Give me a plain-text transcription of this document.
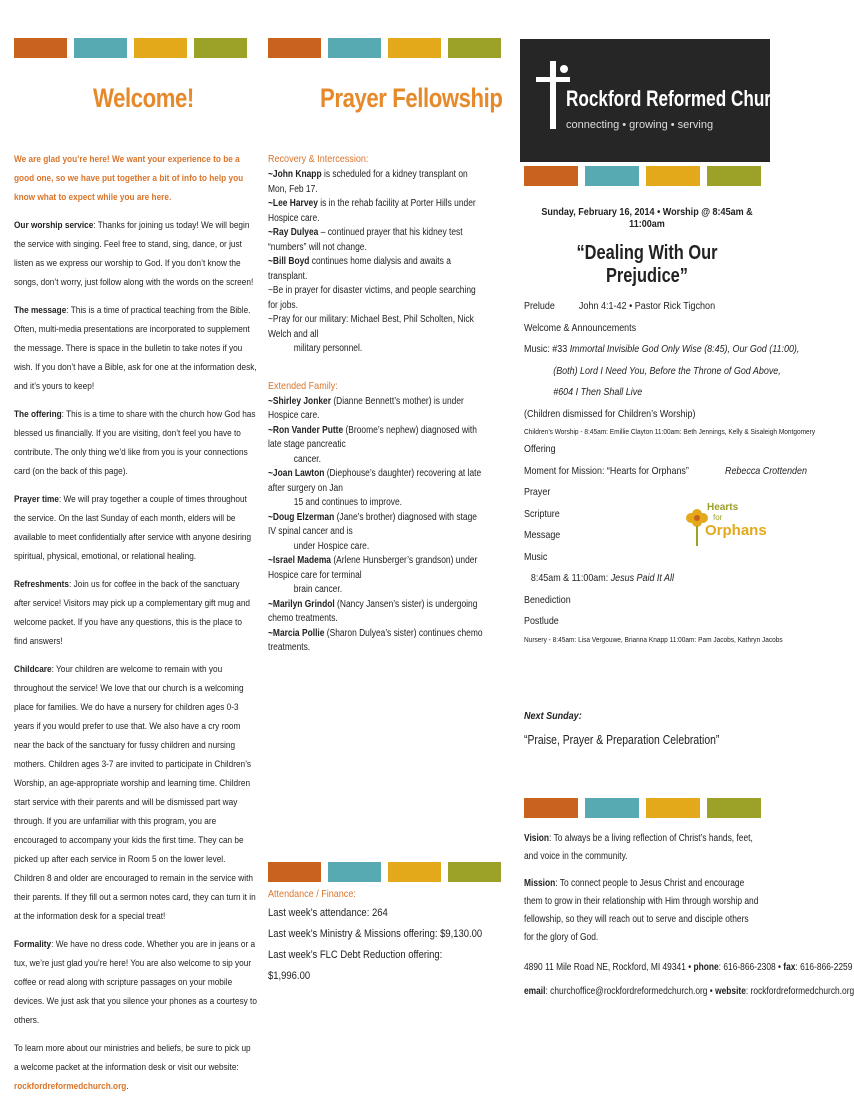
Welcome!

We are glad you’re here! We want your experience to be a good one, so we have put together a bit of info to help you know what to expect while you are here.

Our worship service: Thanks for joining us today! We will begin the service with singing. Feel free to stand, sing, dance, or just listen as we express our worship to God. If you don’t know the songs, don’t worry, just follow along with the words on the screen!

The message: This is a time of practical teaching from the Bible. Often, multi-media presentations are incorporated to supplement the message. There is space in the bulletin to take notes if you wish. If you don’t have a Bible, ask for one at the information desk, and it’s yours to keep!

The offering: This is a time to share with the church how God has blessed us financially. If you are visiting, don’t feel you have to contribute. The only thing we’d like from you is your connections card (on the back of this page).

Prayer time: We will pray together a couple of times throughout the service. On the last Sunday of each month, elders will be available to meet confidentially after service with anyone desiring spiritual, physical, emotional, or relational healing.

Refreshments: Join us for coffee in the back of the sanctuary after service! Visitors may pick up a complementary gift mug and welcome packet. If you have any questions, this is the place to find answers!

Childcare: Your children are welcome to remain with you throughout the service! We love that our church is a welcoming place for families. We do have a nursery for children ages 0-3 years if you would prefer to use that. We also have a cry room near the back of the sanctuary for fussy children and nursing mothers. Children ages 3-7 are invited to participate in Children’s Worship, an age-appropriate worship and learning time. Children start service with their parents and will be dismissed part way through. If you are unfamiliar with this program, you are encouraged to accompany your kids the first time. They can be picked up after each service in Room 5 on the lower level. Children 8 and older are encouraged to remain in the service with their parents. If they fill out a sermon notes card, they can turn it in at the information desk for a special treat!

Formality: We have no dress code. Whether you are in jeans or a tux, we’re just glad you’re here! You are also welcome to sip your coffee or read along with scripture passages on your mobile devices. We just ask that you silence your phones as a courtesy to others.

To learn more about our ministries and beliefs, be sure to pick up a welcome packet at the information desk or visit our website: rockfordreformedchurch.org.

Prayer Fellowship

Recovery & Intercession:

~John Knapp is scheduled for a kidney transplant on Mon, Feb 17.
~Lee Harvey is in the rehab facility at Porter Hills under Hospice care.
~Ray Dulyea – continued prayer that his kidney test “numbers” will not change.
~Bill Boyd continues home dialysis and awaits a transplant.
~Be in prayer for disaster victims, and people searching for jobs.
~Pray for our military: Michael Best, Phil Scholten, Nick Welch and all
military personnel.

Extended Family:

~Shirley Jonker (Dianne Bennett’s mother) is under Hospice care.
~Ron Vander Putte (Broome’s nephew) diagnosed with late stage pancreatic
cancer.
~Joan Lawton (Diephouse’s daughter) recovering at late after surgery on Jan
15 and continues to improve.
~Doug Elzerman (Jane’s brother) diagnosed with stage IV spinal cancer and is
under Hospice care.
~Israel Madema (Arlene Hunsberger’s grandson) under Hospice care for terminal
brain cancer.
~Marilyn Grindol (Nancy Jansen’s sister) is undergoing chemo treatments.
~Marcia Pollie (Sharon Dulyea’s sister) continues chemo treatments.

Attendance / Finance:

Last week’s attendance: 264

Last week’s Ministry & Missions offering: $9,130.00

Last week’s FLC Debt Reduction offering: $1,996.00

Rockford Reformed Church
connecting • growing • serving

Sunday, February 16, 2014 • Worship @ 8:45am & 11:00am

“Dealing With Our Prejudice”

John 4:1-42 • Pastor Rick Tigchon

Prelude

Welcome & Announcements

Music: #33 Immortal Invisible God Only Wise (8:45), Our God (11:00),

(Both) Lord I Need You, Before the Throne of God Above,

#604 I Then Shall Live

(Children dismissed for Children’s Worship)

Children’s Worship - 8:45am: Emillie Clayton 11:00am: Beth Jennings, Kelly & Sisaleigh Montgomery

Offering

Moment for Mission: “Hearts for Orphans”	Rebecca Crottenden

Prayer

Scripture

Message

Music

8:45am & 11:00am: Jesus Paid It All

Benediction

Postlude

Nursery - 8:45am: Lisa Vergouwe, Brianna Knapp 11:00am: Pam Jacobs, Kathryn Jacobs

Hearts
for
Orphans

Next Sunday:

“Praise, Prayer & Preparation Celebration”

Vision: To always be a living reflection of Christ’s hands, feet, and voice in the community.

Mission: To connect people to Jesus Christ and encourage them to grow in their relationship with Him through worship and fellowship, so they will reach out to serve and disciple others for the glory of God.

4890 11 Mile Road NE, Rockford, MI 49341 • phone: 616-866-2308 • fax: 616-866-2259

email: churchoffice@rockfordreformedchurch.org • website: rockfordreformedchurch.org
